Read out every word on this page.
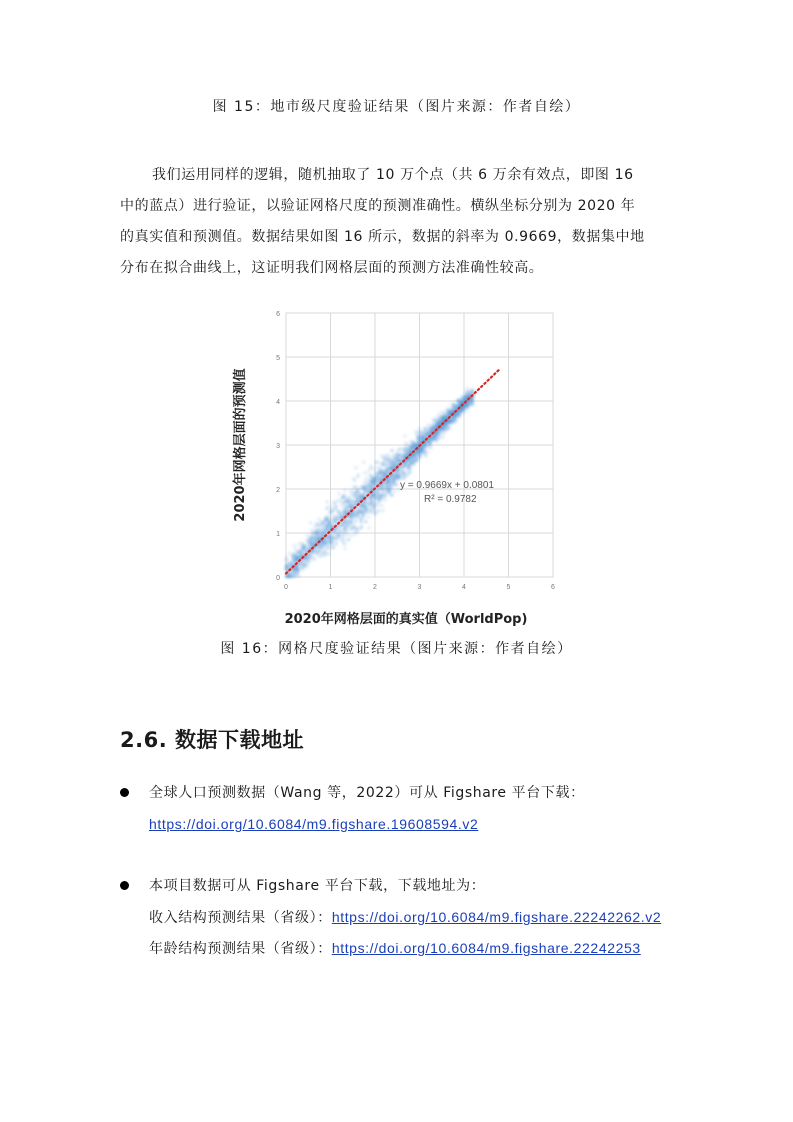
图 15：地市级尺度验证结果（图片来源：作者自绘）
我们运用同样的逻辑，随机抽取了 10 万个点（共 6 万余有效点，即图 16
中的蓝点）进行验证，以验证网格尺度的预测准确性。横纵坐标分别为 2020 年
的真实值和预测值。数据结果如图 16 所示，数据的斜率为 0.9669，数据集中地
分布在拟合曲线上，这证明我们网格层面的预测方法准确性较高。
0	1	2	3	4	5	6
0
1
2
3
4
5
6
y = 0.9669x + 0.0801
R² = 0.9782
2020年网格层面的真实值（WorldPop)
2020年网格层面的预测值
图 16：网格尺度验证结果（图片来源：作者自绘）
2.6. 数据下载地址
全球人口预测数据（Wang 等，2022）可从 Figshare 平台下载：
https://doi.org/10.6084/m9.figshare.19608594.v2
本项目数据可从 Figshare 平台下载，下载地址为：
收入结构预测结果（省级）：https://doi.org/10.6084/m9.figshare.22242262.v2
年龄结构预测结果（省级）：https://doi.org/10.6084/m9.figshare.22242253
